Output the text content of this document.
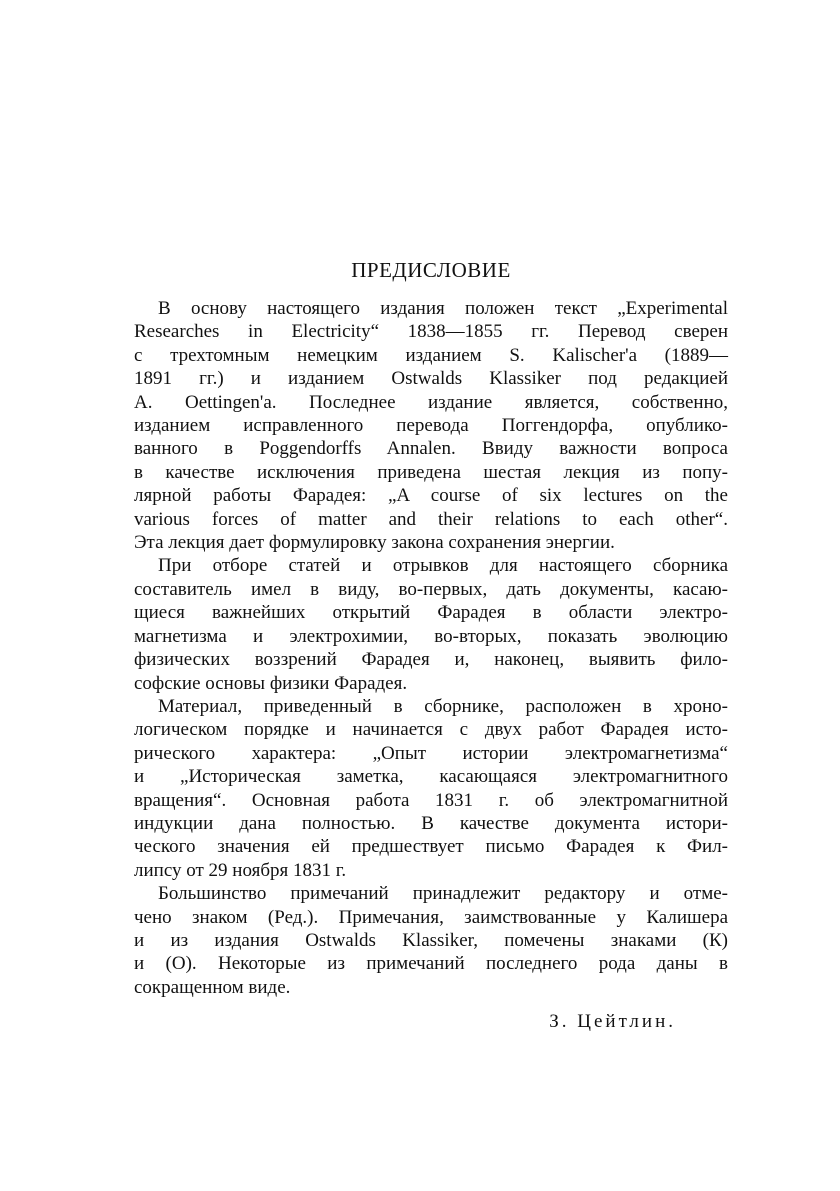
ПРЕДИСЛОВИЕ

В основу настоящего издания положен текст „Experimental
Researches in Electricity“ 1838—1855 гг. Перевод сверен
с трехтомным немецким изданием S. Kalischer'а (1889—
1891 гг.) и изданием Ostwalds Klassiker под редакцией
A. Oettingen'а. Последнее издание является, собственно,
изданием исправленного перевода Поггендорфа, опублико-
ванного в Poggendorffs Annalen. Ввиду важности вопроса
в качестве исключения приведена шестая лекция из попу-
лярной работы Фарадея: „A course of six lectures on the
various forces of matter and their relations to each other“.
Эта лекция дает формулировку закона сохранения энергии.

При отборе статей и отрывков для настоящего сборника
составитель имел в виду, во-первых, дать документы, касаю-
щиеся важнейших открытий Фарадея в области электро-
магнетизма и электрохимии, во-вторых, показать эволюцию
физических воззрений Фарадея и, наконец, выявить фило-
софские основы физики Фарадея.

Материал, приведенный в сборнике, расположен в хроно-
логическом порядке и начинается с двух работ Фарадея исто-
рического характера: „Опыт истории электромагнетизма“
и „Историческая заметка, касающаяся электромагнитного
вращения“. Основная работа 1831 г. об электромагнитной
индукции дана полностью. В качестве документа истори-
ческого значения ей предшествует письмо Фарадея к Фил-
липсу от 29 ноября 1831 г.

Большинство примечаний принадлежит редактору и отме-
чено знаком (Ред.). Примечания, заимствованные у Калишера
и из издания Ostwalds Klassiker, помечены знаками (К)
и (О). Некоторые из примечаний последнего рода даны в
сокращенном виде.

З. Цейтлин.
